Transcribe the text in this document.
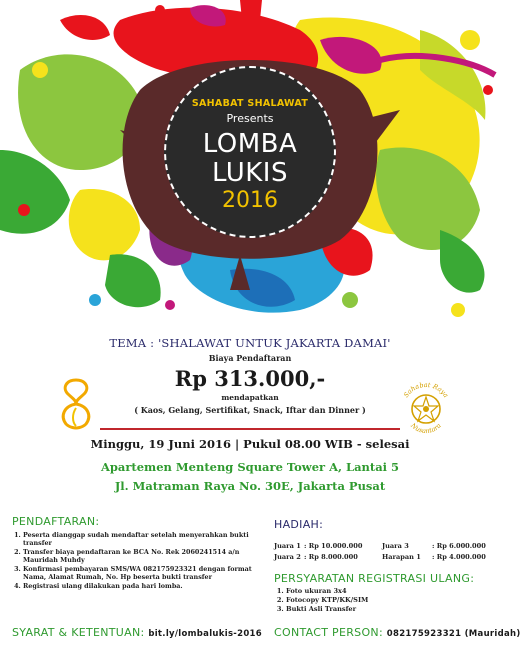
SAHABAT SHALAWAT
Presents
LOMBA
LUKIS
2016
TEMA : 'SHALAWAT UNTUK JAKARTA DAMAI'
Biaya Pendaftaran
Rp 313.000,-
mendapatkan
( Kaos, Gelang, Sertifikat, Snack, Iftar dan Dinner )
Minggu, 19 Juni 2016 | Pukul 08.00 WIB - selesai
Apartemen Menteng Square Tower A, Lantai 5
Jl. Matraman Raya No. 30E, Jakarta Pusat
Sahabat Raya
Nusantara
PENDAFTARAN:
1. Peserta dianggap sudah mendaftar setelah menyerahkan bukti transfer
2. Transfer biaya pendaftaran ke BCA No. Rek 2060241514 a/n Mauridah Muhdy
3. Konfirmasi pembayaran SMS/WA 082175923321 dengan format Nama, Alamat Rumah, No. Hp beserta bukti transfer
4. Registrasi ulang dilakukan pada hari lomba.
SYARAT & KETENTUAN: bit.ly/lombalukis-2016
HADIAH:
Juara 1 : Rp 10.000.000	Juara 3	: Rp 6.000.000
Juara 2 : Rp 8.000.000	Harapan 1	: Rp 4.000.000
PERSYARATAN REGISTRASI ULANG:
1. Foto ukuran 3x4
2. Fotocopy KTP/KK/SIM
3. Bukti Asli Transfer
CONTACT PERSON: 082175923321 (Mauridah)
